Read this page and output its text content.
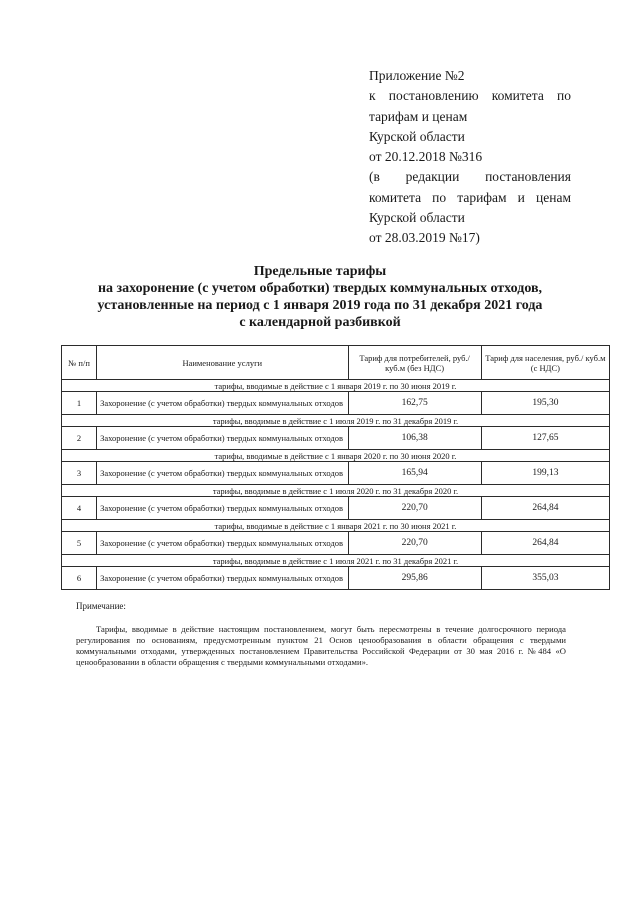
Приложение №2
к постановлению комитета по
тарифам и ценам
Курской области
от 20.12.2018 №316
(в редакции постановления
комитета по тарифам и ценам
Курской области
от 28.03.2019 №17)
Предельные тарифы
на захоронение (с учетом обработки) твердых коммунальных отходов,
установленные на период с 1 января 2019 года по 31 декабря 2021 года
с календарной разбивкой
№ п/п	Наименование услуги	Тариф для потребителей, руб./ куб.м (без НДС)	Тариф для населения, руб./ куб.м (с НДС)
тарифы, вводимые в действие с 1 января 2019 г. по 30 июня 2019 г.			
1	Захоронение (с учетом обработки) твердых коммунальных отходов	162,75	195,30
тарифы, вводимые в действие с 1 июля 2019 г. по 31 декабря 2019 г.			
2	Захоронение (с учетом обработки) твердых коммунальных отходов	106,38	127,65
тарифы, вводимые в действие с 1 января 2020 г. по 30 июня 2020 г.			
3	Захоронение (с учетом обработки) твердых коммунальных отходов	165,94	199,13
тарифы, вводимые в действие с 1 июля 2020 г. по 31 декабря 2020 г.			
4	Захоронение (с учетом обработки) твердых коммунальных отходов	220,70	264,84
тарифы, вводимые в действие с 1 января 2021 г. по 30 июня 2021 г.			
5	Захоронение (с учетом обработки) твердых коммунальных отходов	220,70	264,84
тарифы, вводимые в действие с 1 июля 2021 г. по 31 декабря 2021 г.			
6	Захоронение (с учетом обработки) твердых коммунальных отходов	295,86	355,03
Примечание:
Тарифы, вводимые в действие настоящим постановлением, могут быть пересмотрены в течение долгосрочного периода регулирования по основаниям, предусмотренным пунктом 21 Основ ценообразования в области обращения с твердыми коммунальными отходами, утвержденных постановлением Правительства Российской Федерации от 30 мая 2016 г. №484 «О ценообразовании в области обращения с твердыми коммунальными отходами».
